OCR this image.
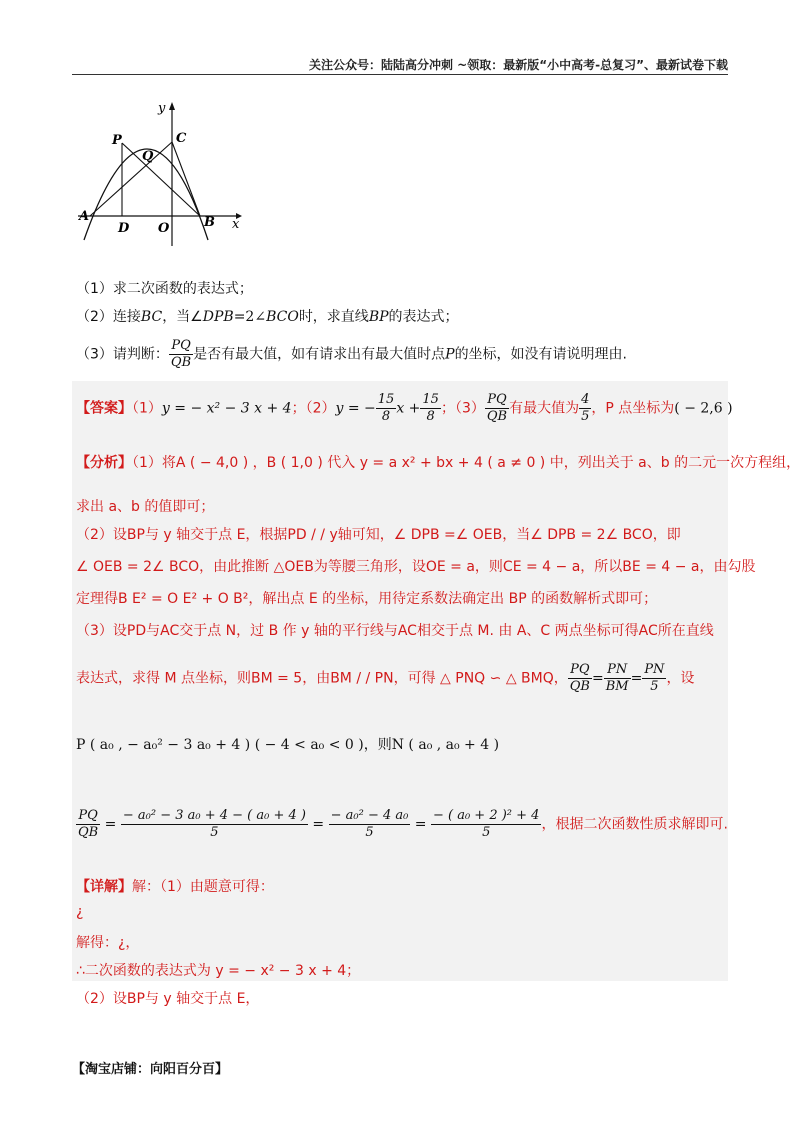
关注公众号：陆陆高分冲刺 ~领取：最新版“小中高考-总复习”、最新试卷下载
y
x
P
Q
C
A
D O	B
（1）求二次函数的表达式；
（2）连接BC，当∠DPB=2∠BCO时，求直线BP的表达式；
（3）请判断： $\frac{PQ}{QB}$ 是否有最大值，如有请求出有最大值时点P的坐标，如没有请说明理由.
【答案】（1）y = − x² − 3 x + 4；（2）y = − $\frac{15}{8}$ $x + \frac{15}{8}$ ；$(3) \frac{PQ}{QB}$ 有最大值为 $\frac{4}{5}$ ，P 点坐标为( − 2,6 )
【分析】（1）将A ( − 4,0 ) ，B ( 1,0 ) 代入 y = a x² + bx + 4 ( a ≠ 0 ) 中，列出关于 a、b 的二元一次方程组，
求出 a、b 的值即可；
（2）设BP与 y 轴交于点 E，根据PD / / y轴可知，∠ DPB =∠ OEB，当∠ DPB = 2∠ BCO，即
∠ OEB = 2∠ BCO，由此推断 △OEB为等腰三角形，设OE = a，则CE = 4 − a，所以BE = 4 − a，由勾股
定理得B E² = O E² + O B²，解出点 E 的坐标，用待定系数法确定出 BP 的函数解析式即可；
（3）设PD与AC交于点 N，过 B 作 y 轴的平行线与AC相交于点 M. 由 A、C 两点坐标可得AC所在直线
表达式，求得 M 点坐标，则BM = 5，由BM / / PN，可得 △ PNQ ∽ △ BMQ， $\frac{PQ}{QB} = \frac{PN}{BM} = \frac{PN}{5}$ ，设
P ( a₀ , − a₀² − 3 a₀ + 4 ) ( − 4 < a₀ < 0 )，则N ( a₀ , a₀ + 4 )
$\frac{PQ}{QB} = \frac{\text{− a₀² − 3 a₀ + 4 − ( a₀ + 4 )}}{5} = \frac{\text{− a₀² − 4 a₀}}{5} = \frac{\text{− ( a₀ + 2 )² + 4}}{5}$ ，根据二次函数性质求解即可.
【详解】解：（1）由题意可得：
¿
解得：¿，
∴二次函数的表达式为 y = − x² − 3 x + 4；
（2）设BP与 y 轴交于点 E，
【淘宝店铺：向阳百分百】
